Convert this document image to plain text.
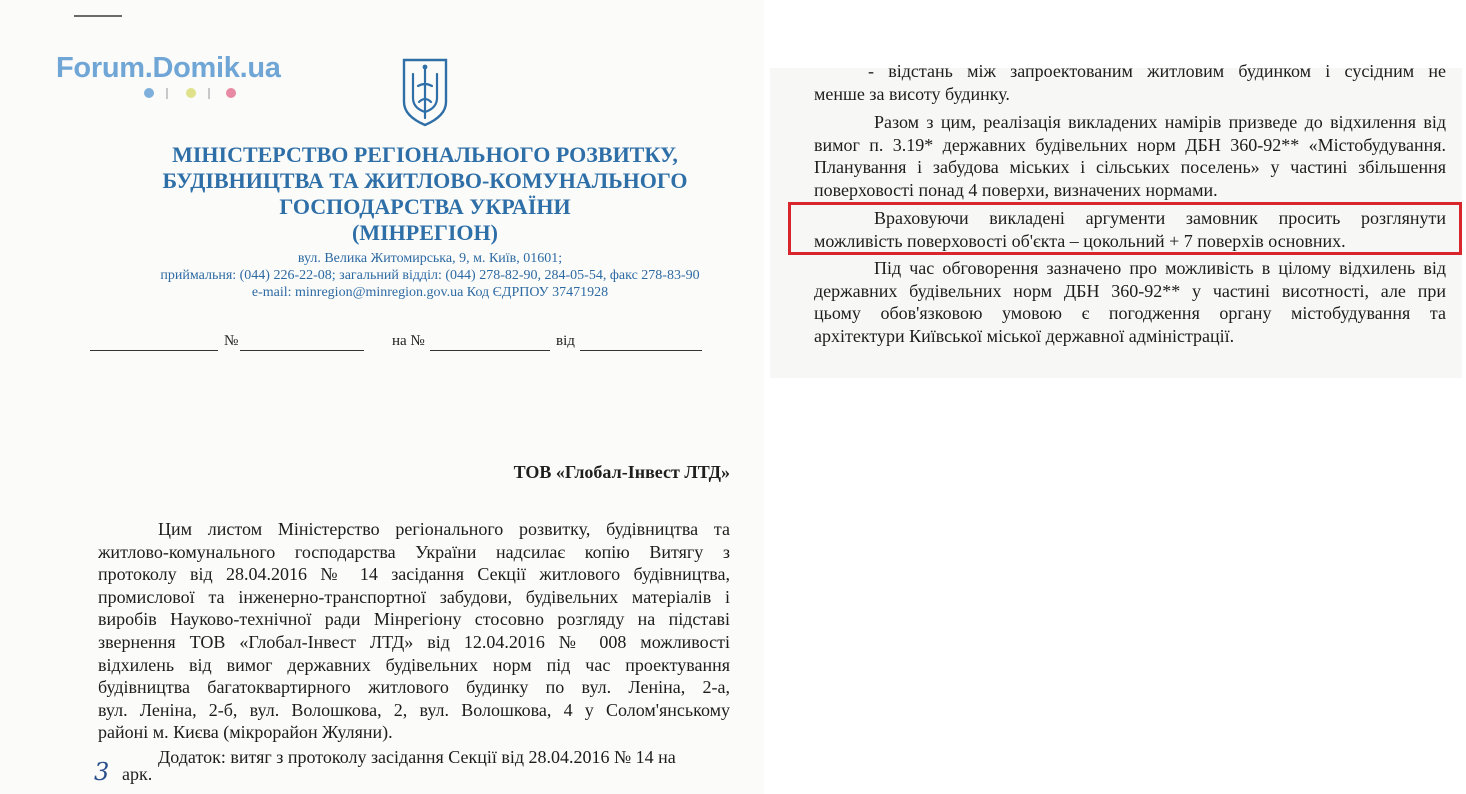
Forum.Domik.ua
МІНІСТЕРСТВО РЕГІОНАЛЬНОГО РОЗВИТКУ,
БУДІВНИЦТВА ТА ЖИТЛОВО-КОМУНАЛЬНОГО
ГОСПОДАРСТВА УКРАЇНИ
(МІНРЕГІОН)
вул. Велика Житомирська, 9, м. Київ, 01601;
приймальня: (044) 226-22-08; загальний відділ: (044) 278-82-90, 284-05-54, факс 278-83-90
e-mail: minregion@minregion.gov.ua Код ЄДРПОУ 37471928
№	на №	від
ТОВ «Глобал-Інвест ЛТД»
Цим листом Міністерство регіонального розвитку, будівництва та
житлово-комунального господарства України надсилає копію Витягу з
протоколу від 28.04.2016 № 14 засідання Секції житлового будівництва,
промислової та інженерно-транспортної забудови, будівельних матеріалів і
виробів Науково-технічної ради Мінрегіону стосовно розгляду на підставі
звернення ТОВ «Глобал-Інвест ЛТД» від 12.04.2016 № 008 можливості
відхилень від вимог державних будівельних норм під час проектування
будівництва багатоквартирного житлового будинку по вул. Леніна, 2-а,
вул. Леніна, 2-б, вул. Волошкова, 2, вул. Волошкова, 4 у Солом'янському
районі м. Києва (мікрорайон Жуляни).
Додаток: витяг з протоколу засідання Секції від 28.04.2016 № 14 на
3 арк.
- відстань між запроектованим житловим будинком і сусідним не
менше за висоту будинку.
Разом з цим, реалізація викладених намірів призведе до відхилення від
вимог п. 3.19* державних будівельних норм ДБН 360-92** «Містобудування.
Планування і забудова міських і сільських поселень» у частині збільшення
поверховості понад 4 поверхи, визначених нормами.
Враховуючи викладені аргументи замовник просить розглянути
можливість поверховості об'єкта – цокольний + 7 поверхів основних.
Під час обговорення зазначено про можливість в цілому відхилень від
державних будівельних норм ДБН 360-92** у частині висотності, але при
цьому обов'язковою умовою є погодження органу містобудування та
архітектури Київської міської державної адміністрації.
